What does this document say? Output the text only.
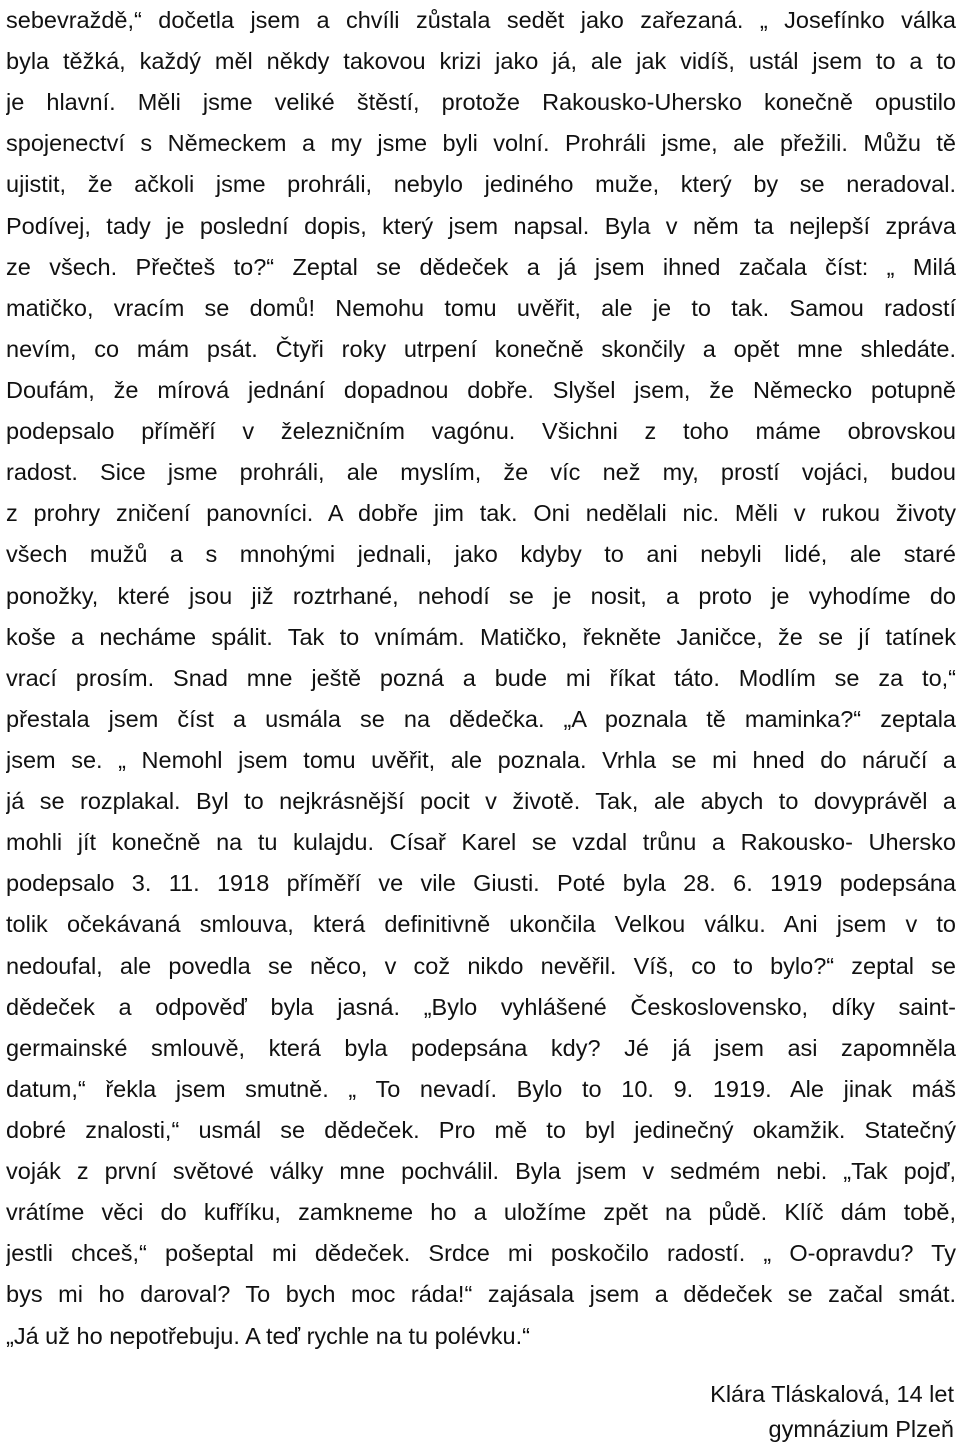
sebevraždě,“ dočetla jsem a chvíli zůstala sedět jako zařezaná. „ Josefínko válka
byla těžká, každý měl někdy takovou krizi jako já, ale jak vidíš, ustál jsem to a to
je hlavní. Měli jsme veliké štěstí, protože Rakousko-Uhersko konečně opustilo
spojenectví s Německem a my jsme byli volní. Prohráli jsme, ale přežili. Můžu tě
ujistit, že ačkoli jsme prohráli, nebylo jediného muže, který by se neradoval.
Podívej, tady je poslední dopis, který jsem napsal. Byla v něm ta nejlepší zpráva
ze všech. Přečteš to?“ Zeptal se dědeček a já jsem ihned začala číst: „ Milá
matičko, vracím se domů! Nemohu tomu uvěřit, ale je to tak. Samou radostí
nevím, co mám psát. Čtyři roky utrpení konečně skončily a opět mne shledáte.
Doufám, že mírová jednání dopadnou dobře. Slyšel jsem, že Německo potupně
podepsalo příměří v železničním vagónu. Všichni z toho máme obrovskou
radost. Sice jsme prohráli, ale myslím, že víc než my, prostí vojáci, budou
z prohry zničení panovníci. A dobře jim tak. Oni nedělali nic. Měli v rukou životy
všech mužů a s mnohými jednali, jako kdyby to ani nebyli lidé, ale staré
ponožky, které jsou již roztrhané, nehodí se je nosit, a proto je vyhodíme do
koše a necháme spálit. Tak to vnímám. Matičko, řekněte Janičce, že se jí tatínek
vrací prosím. Snad mne ještě pozná a bude mi říkat táto. Modlím se za to,“
přestala jsem číst a usmála se na dědečka. „A poznala tě maminka?“ zeptala
jsem se. „ Nemohl jsem tomu uvěřit, ale poznala. Vrhla se mi hned do náručí a
já se rozplakal. Byl to nejkrásnější pocit v životě. Tak, ale abych to dovyprávěl a
mohli jít konečně na tu kulajdu. Císař Karel se vzdal trůnu a Rakousko- Uhersko
podepsalo 3. 11. 1918 příměří ve vile Giusti. Poté byla 28. 6. 1919 podepsána
tolik očekávaná smlouva, která definitivně ukončila Velkou válku. Ani jsem v to
nedoufal, ale povedla se něco, v což nikdo nevěřil. Víš, co to bylo?“ zeptal se
dědeček a odpověď byla jasná. „Bylo vyhlášené Československo, díky saint-
germainské smlouvě, která byla podepsána kdy? Jé já jsem asi zapomněla
datum,“ řekla jsem smutně. „ To nevadí. Bylo to 10. 9. 1919. Ale jinak máš
dobré znalosti,“ usmál se dědeček. Pro mě to byl jedinečný okamžik. Statečný
voják z první světové války mne pochválil. Byla jsem v sedmém nebi. „Tak pojď,
vrátíme věci do kufříku, zamkneme ho a uložíme zpět na půdě. Klíč dám tobě,
jestli chceš,“ pošeptal mi dědeček. Srdce mi poskočilo radostí. „ O-opravdu? Ty
bys mi ho daroval? To bych moc ráda!“ zajásala jsem a dědeček se začal smát.
„Já už ho nepotřebuju. A teď rychle na tu polévku.“
Klára Tláskalová, 14 let
gymnázium Plzeň
